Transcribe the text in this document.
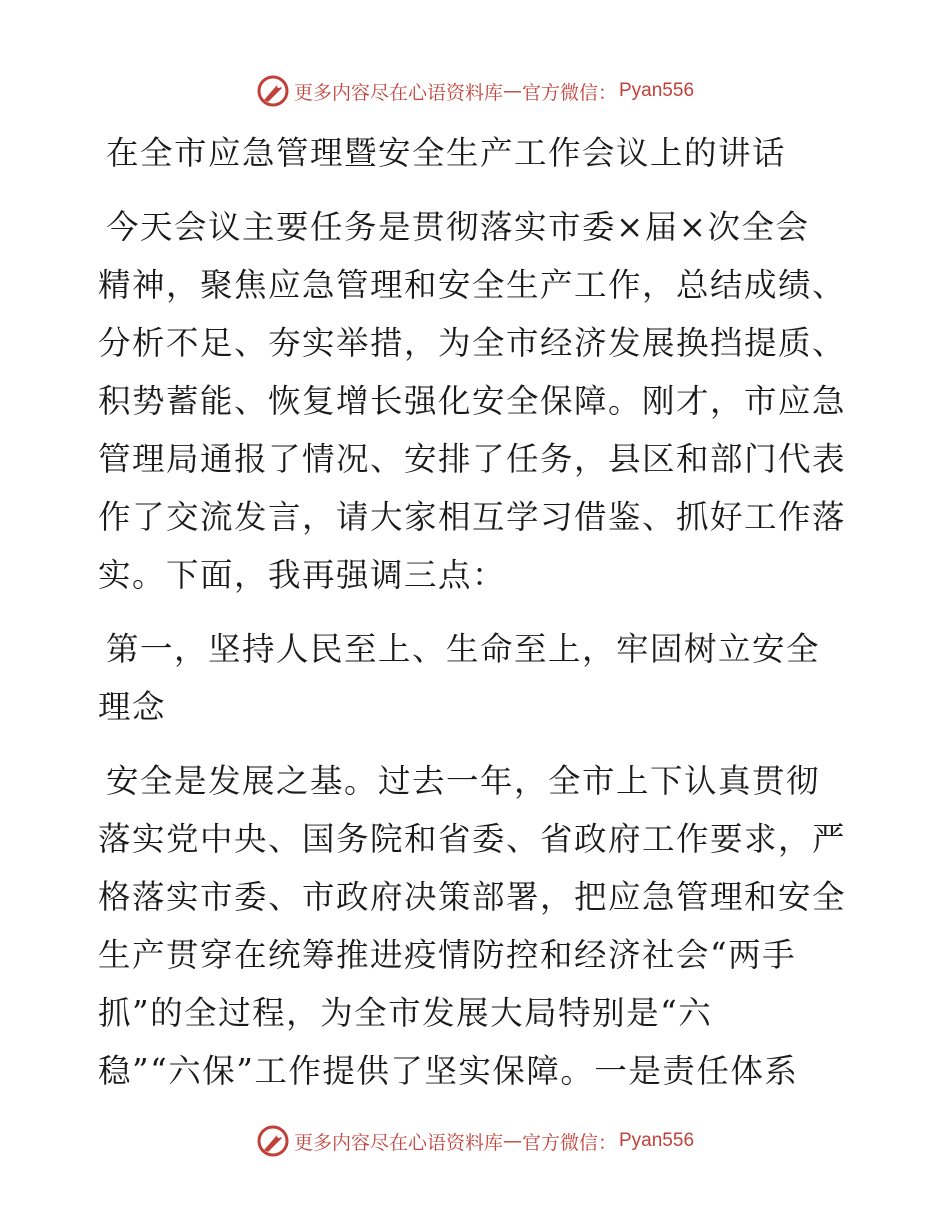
更多内容尽在心语资料库 — 官方微信： Pyan556
在全市应急管理暨安全生产工作会议上的讲话
今天会议主要任务是贯彻落实市委×届×次全会
精神，聚焦应急管理和安全生产工作，总结成绩、
分析不足、夯实举措，为全市经济发展换挡提质、
积势蓄能、恢复增长强化安全保障。刚才，市应急
管理局通报了情况、安排了任务，县区和部门代表
作了交流发言，请大家相互学习借鉴、抓好工作落
实。下面，我再强调三点：
第一，坚持人民至上、生命至上，牢固树立安全
理念
安全是发展之基。过去一年，全市上下认真贯彻
落实党中央、国务院和省委、省政府工作要求，严
格落实市委、市政府决策部署，把应急管理和安全
生产贯穿在统筹推进疫情防控和经济社会“两手
抓”的全过程，为全市发展大局特别是“六
稳”“六保”工作提供了坚实保障。一是责任体系
更多内容尽在心语资料库 — 官方微信： Pyan556
